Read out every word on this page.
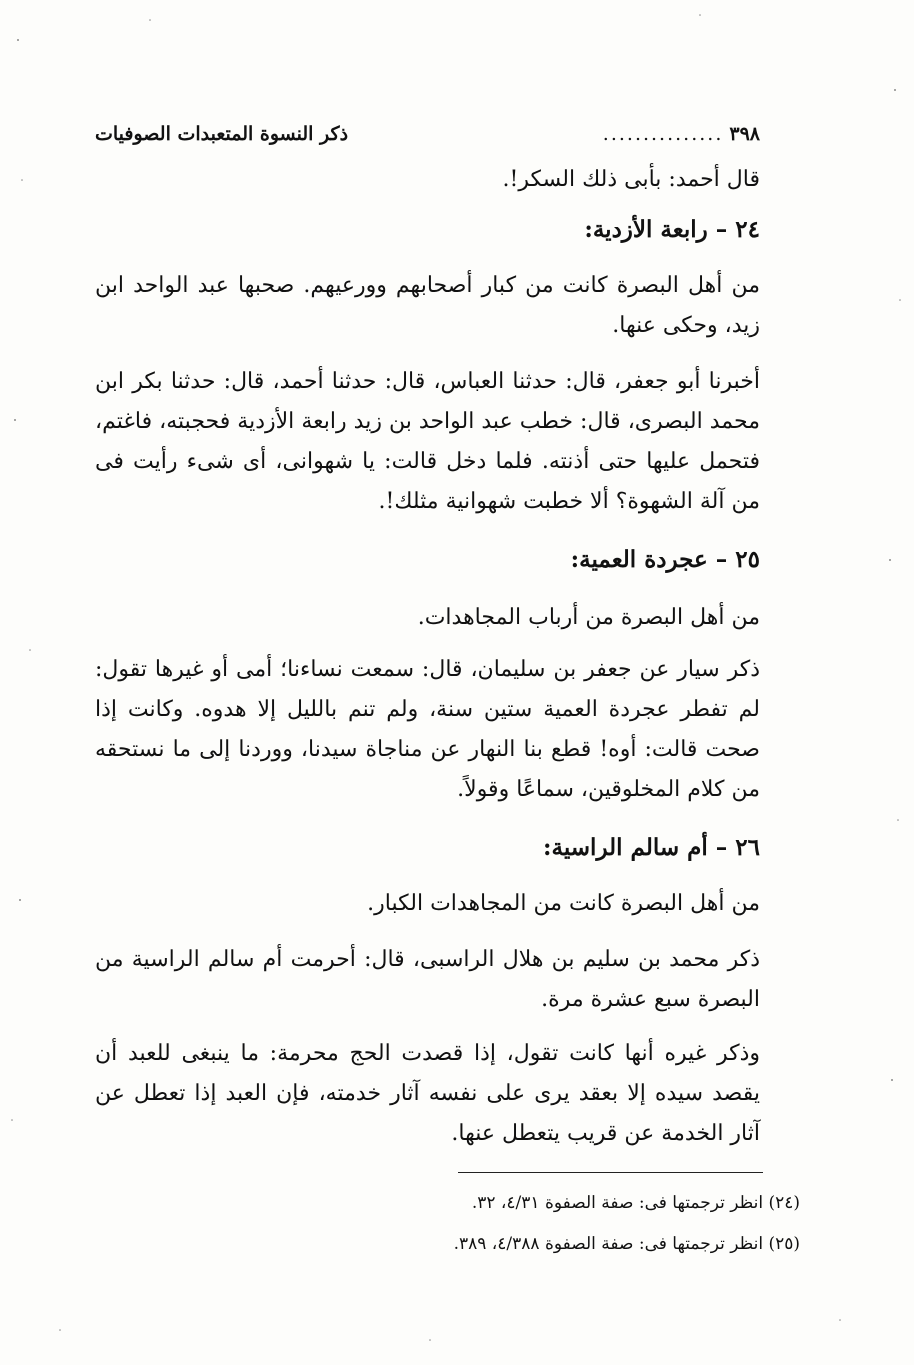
٣٩٨
...............
ذكر النسوة المتعبدات الصوفيات

قال أحمد: بأبى ذلك السكر!.

٢٤ – رابعة الأزدية:

من أهل البصرة كانت من كبار أصحابهم وورعيهم. صحبها عبد الواحد ابن زيد، وحكى عنها.

أخبرنا أبو جعفر، قال: حدثنا العباس، قال: حدثنا أحمد، قال: حدثنا بكر ابن محمد البصرى، قال: خطب عبد الواحد بن زيد رابعة الأزدية فحجبته، فاغتم، فتحمل عليها حتى أذنته. فلما دخل قالت: يا شهوانى، أى شىء رأيت فى من آلة الشهوة؟ ألا خطبت شهوانية مثلك!.

٢٥ – عجردة العمية:

من أهل البصرة من أرباب المجاهدات.

ذكر سيار عن جعفر بن سليمان، قال: سمعت نساءنا؛ أمى أو غيرها تقول: لم تفطر عجردة العمية ستين سنة، ولم تنم بالليل إلا هدوه. وكانت إذا صحت قالت: أوه! قطع بنا النهار عن مناجاة سيدنا، ووردنا إلى ما نستحقه من كلام المخلوقين، سماعًا وقولاً.

٢٦ – أم سالم الراسية:

من أهل البصرة كانت من المجاهدات الكبار.

ذكر محمد بن سليم بن هلال الراسبى، قال: أحرمت أم سالم الراسية من البصرة سبع عشرة مرة.

وذكر غيره أنها كانت تقول، إذا قصدت الحج محرمة: ما ينبغى للعبد أن يقصد سيده إلا بعقد يرى على نفسه آثار خدمته، فإن العبد إذا تعطل عن آثار الخدمة عن قريب يتعطل عنها.

(٢٤) انظر ترجمتها فى: صفة الصفوة ٤/٣١، ٣٢.

(٢٥) انظر ترجمتها فى: صفة الصفوة ٤/٣٨٨، ٣٨٩.
